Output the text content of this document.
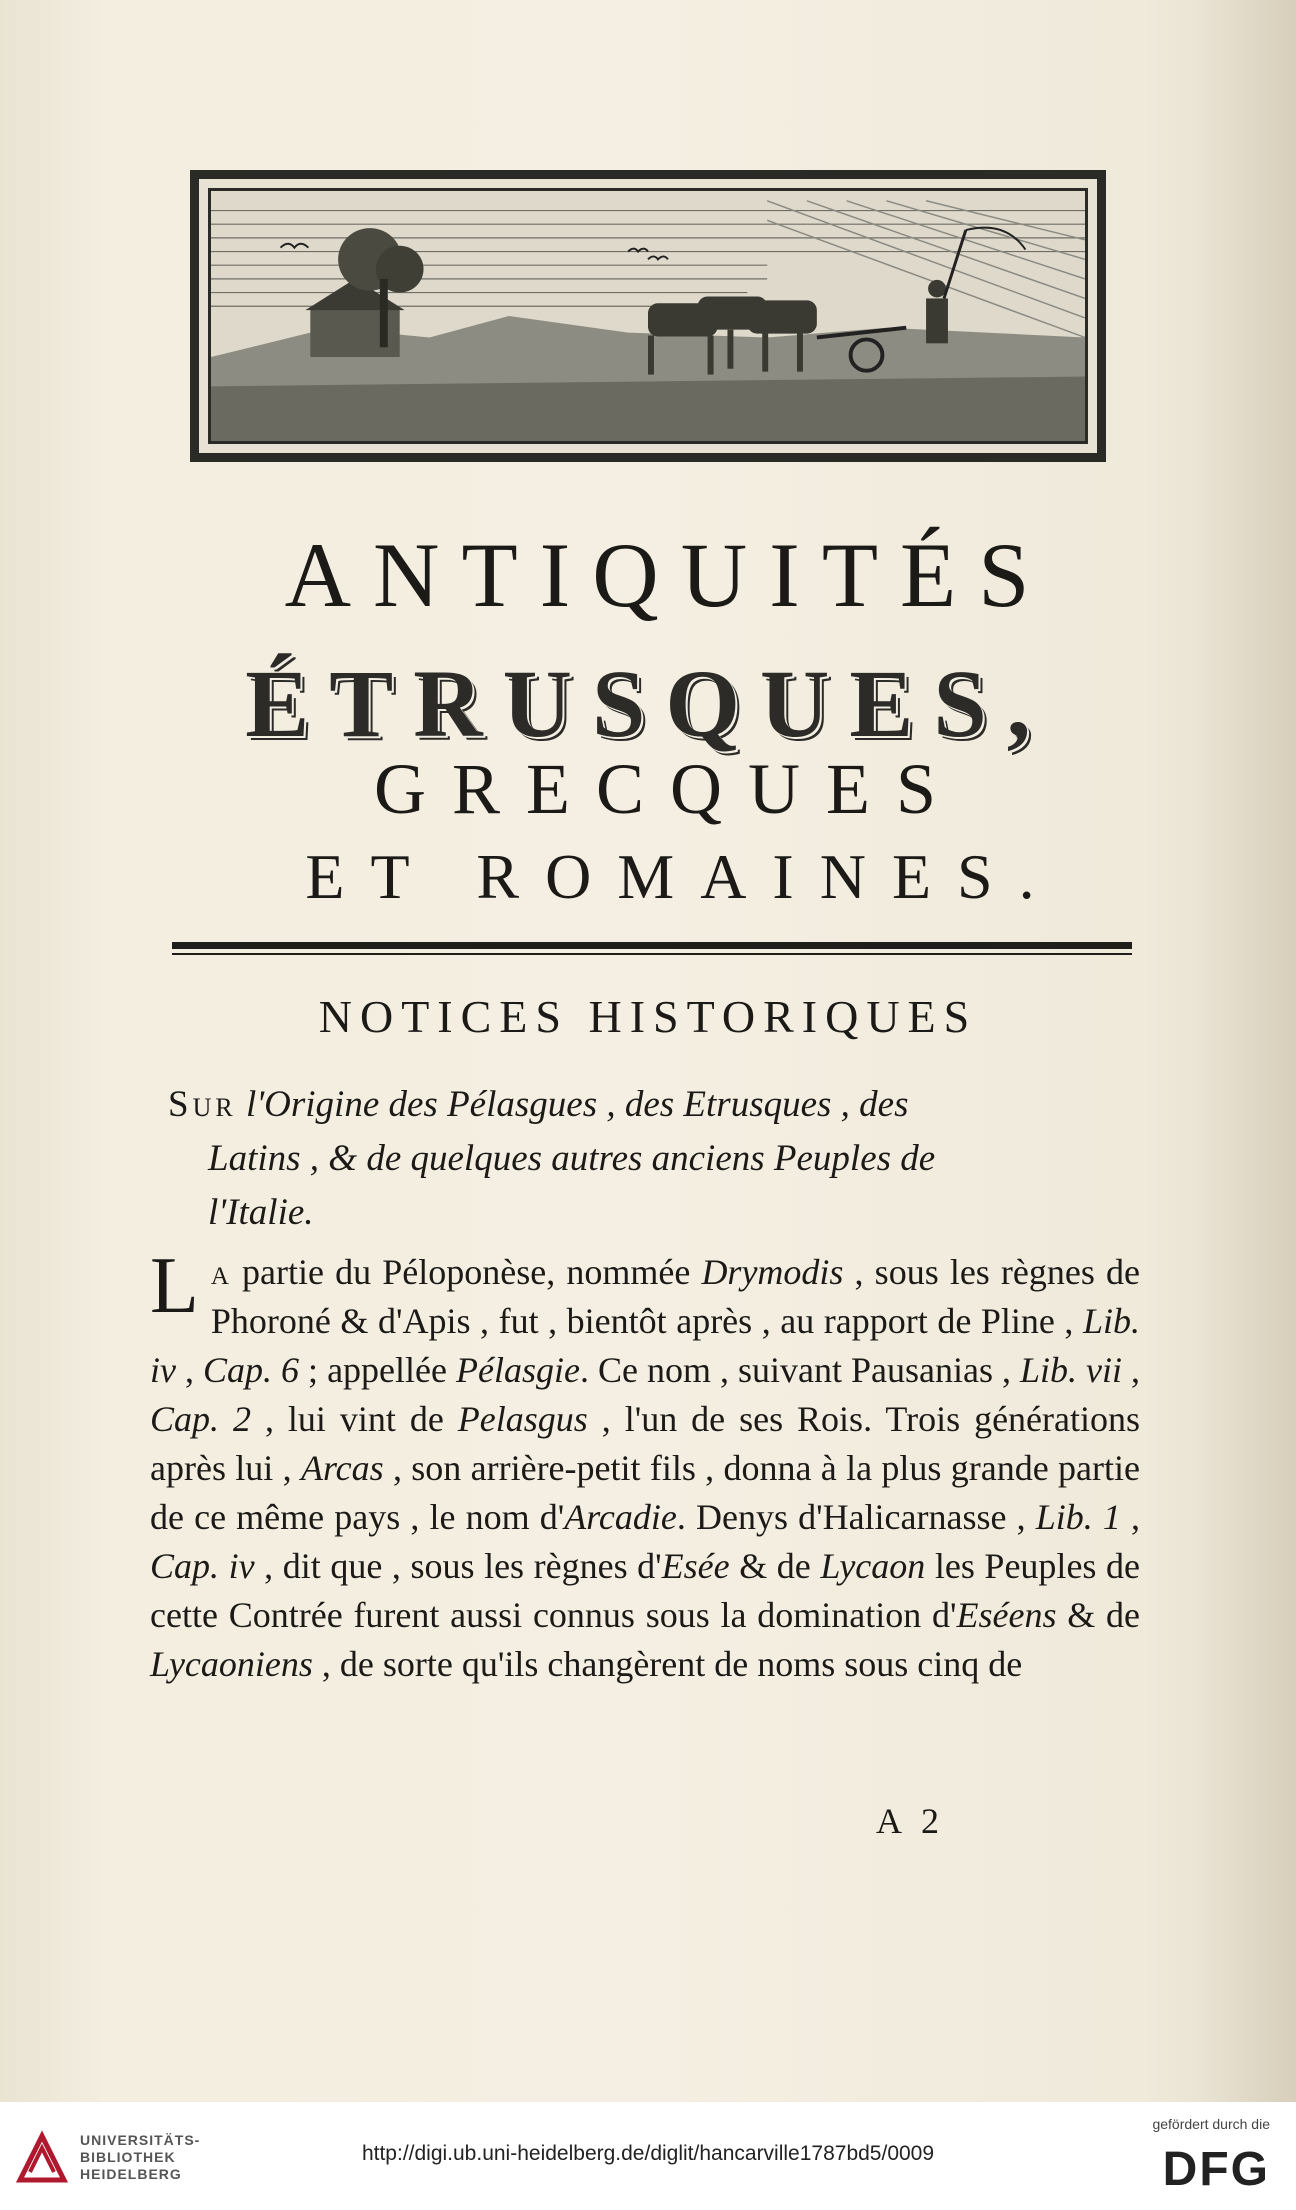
ANTIQUITÉS
ÉTRUSQUES,
GRECQUES
ET ROMAINES.
NOTICES HISTORIQUES
Sur l'Origine des Pélasgues , des Etrusques , des
Latins , & de quelques autres anciens Peuples de
l'Italie.
La partie du Péloponèse, nommée Drymodis , sous les règnes de Phoroné & d'Apis , fut , bientôt après , au rapport de Pline , Lib. iv , Cap. 6 ; appellée Pélasgie. Ce nom , suivant Pausanias , Lib. vii , Cap. 2 , lui vint de Pelasgus , l'un de ses Rois. Trois générations après lui , Arcas , son arrière-petit fils , donna à la plus grande partie de ce même pays , le nom d'Arcadie. Denys d'Halicarnasse , Lib. 1 , Cap. iv , dit que , sous les règnes d'Esée & de Lycaon les Peuples de cette Contrée furent aussi connus sous la domination d'Eséens & de Lycaoniens , de sorte qu'ils changèrent de noms sous cinq de
A 2
UNIVERSITÄTS-
BIBLIOTHEK
HEIDELBERG
http://digi.ub.uni-heidelberg.de/diglit/hancarville1787bd5/0009
gefördert durch die
DFG
